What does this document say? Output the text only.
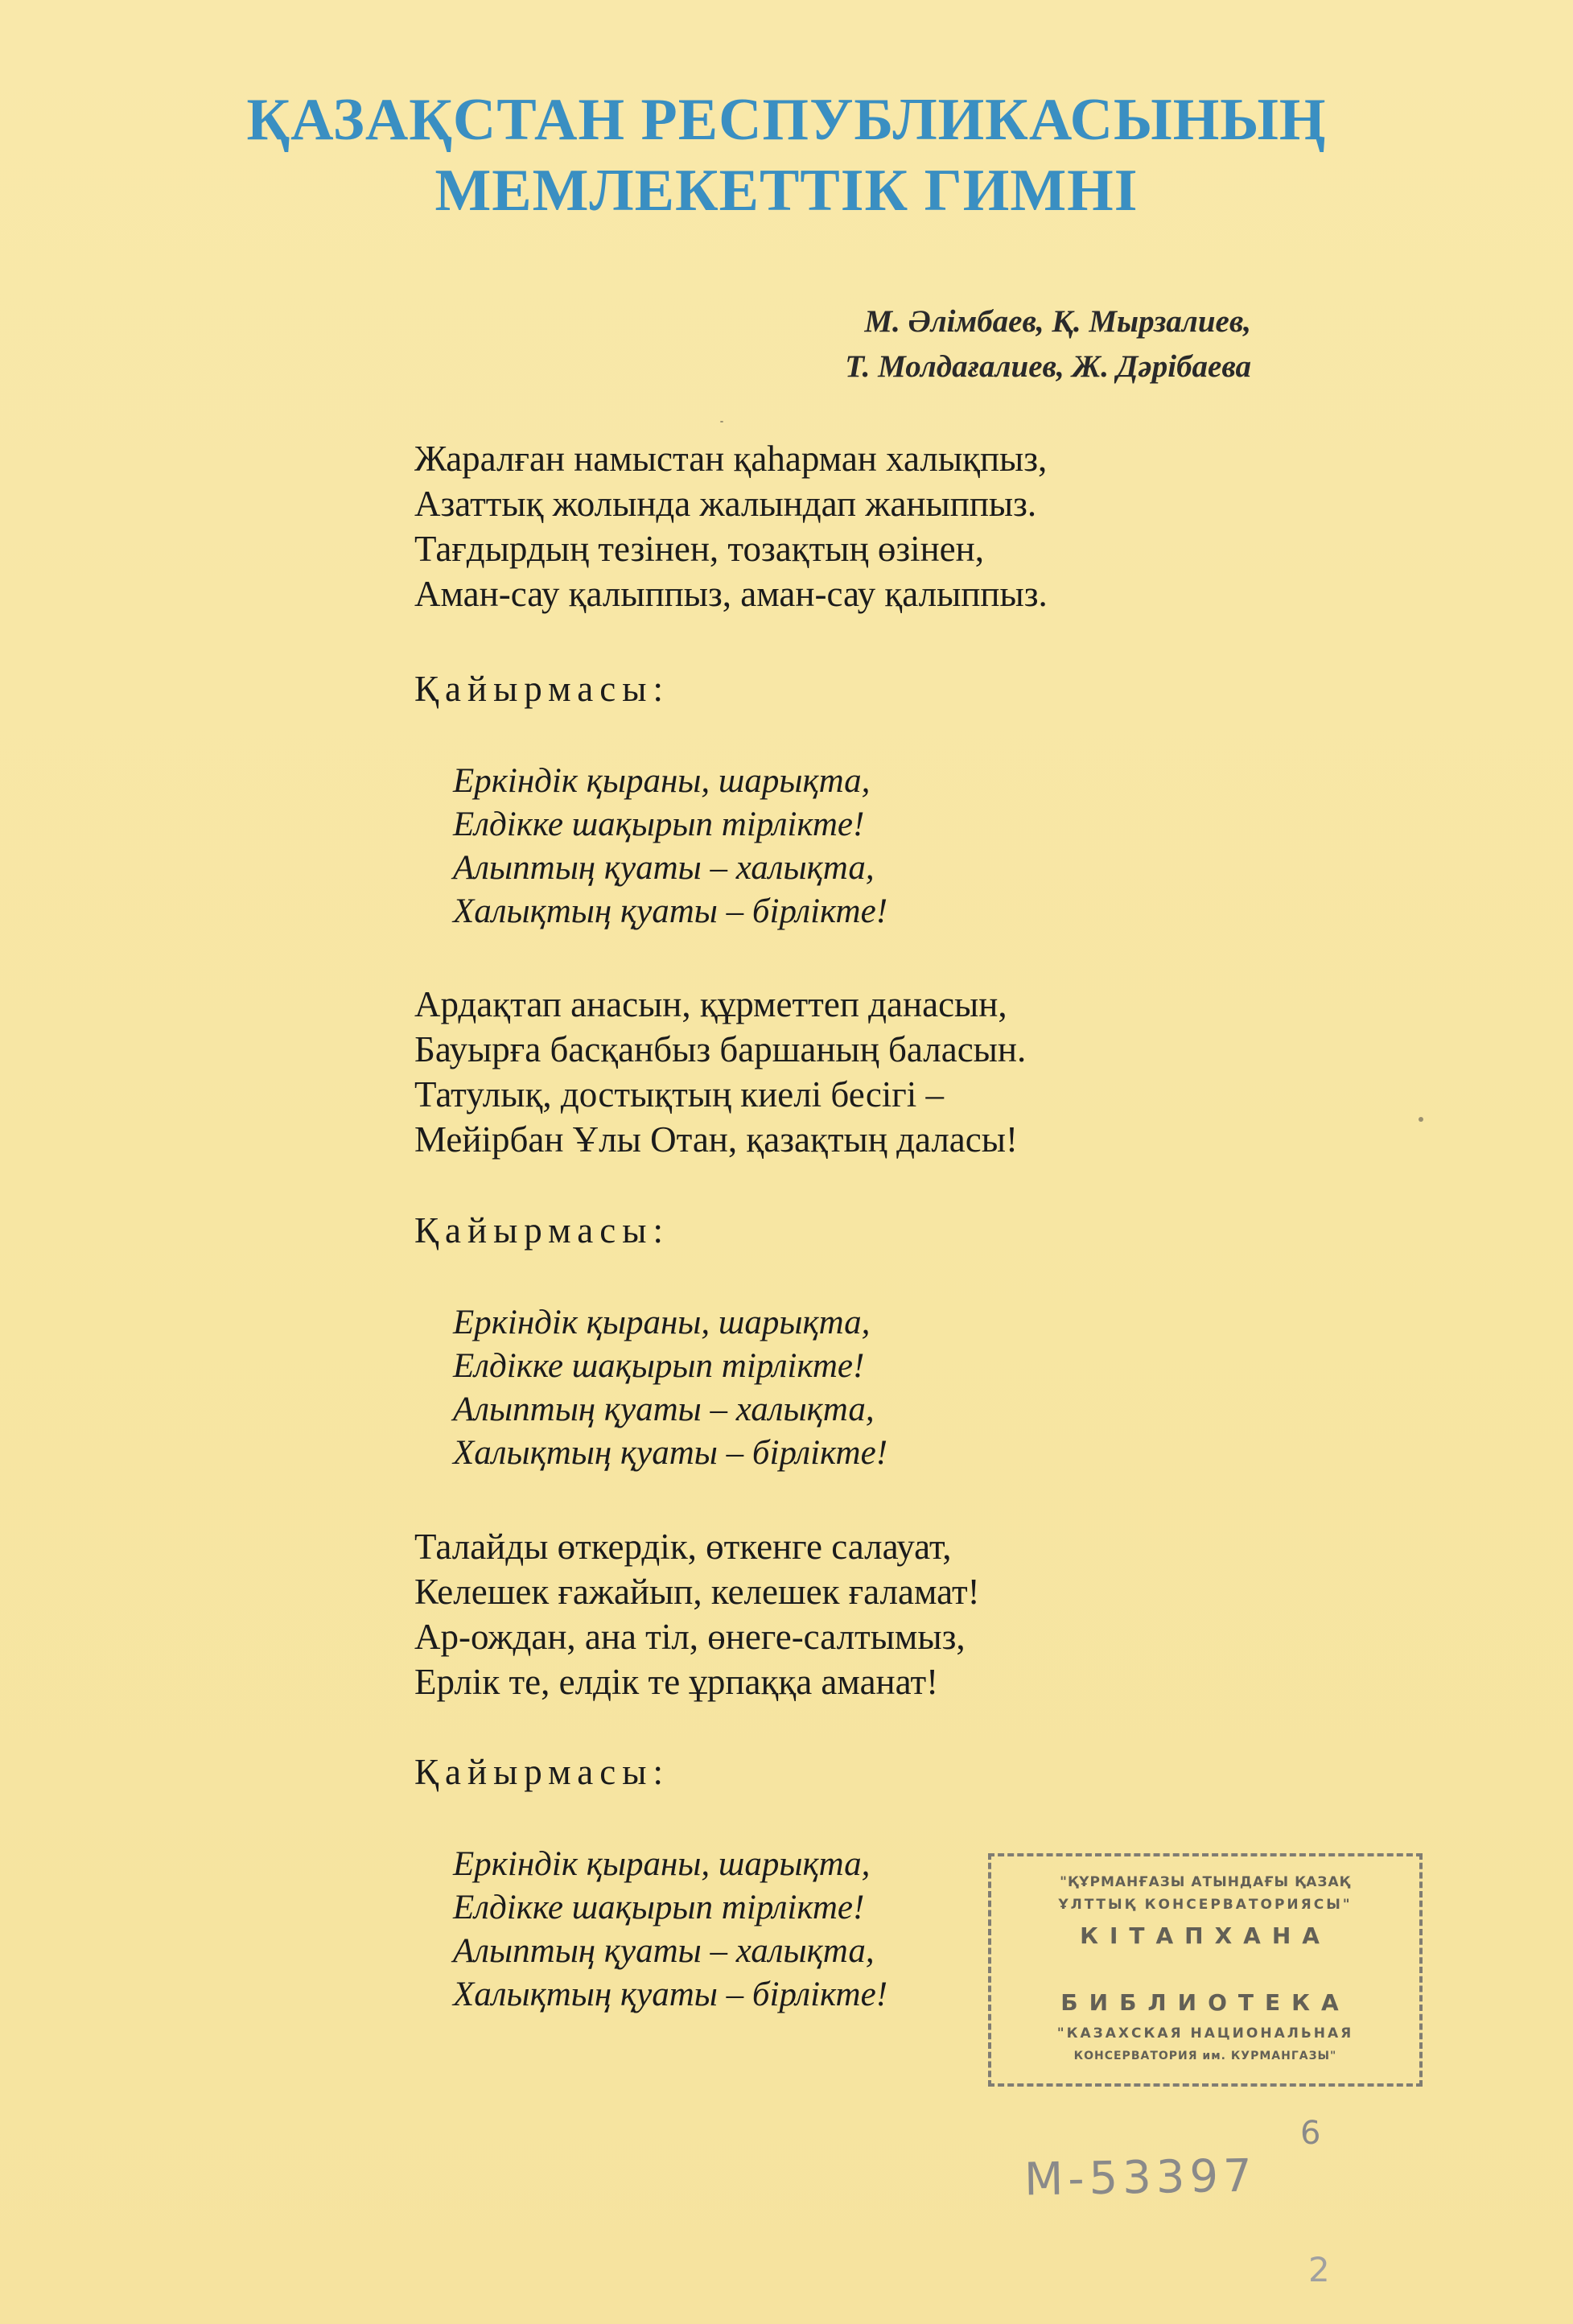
ҚАЗАҚСТАН РЕСПУБЛИКАСЫНЫҢ
МЕМЛЕКЕТТІК ГИМНІ
М. Әлімбаев, Қ. Мырзалиев,
Т. Молдағалиев, Ж. Дәрібаева
Жаралған намыстан қаһарман халықпыз,
Азаттық жолында жалындап жаныппыз.
Тағдырдың тезінен, тозақтың өзінен,
Аман-сау қалыппыз, аман-сау қалыппыз.
Қайырмасы:
Еркіндік қыраны, шарықта,
Елдікке шақырып тірлікте!
Алыптың қуаты – халықта,
Халықтың қуаты – бірлікте!
Ардақтап анасын, құрметтеп данасын,
Бауырға басқанбыз баршаның баласын.
Татулық, достықтың киелі бесігі –
Мейірбан Ұлы Отан, қазақтың даласы!
Қайырмасы:
Еркіндік қыраны, шарықта,
Елдікке шақырып тірлікте!
Алыптың қуаты – халықта,
Халықтың қуаты – бірлікте!
Талайды өткердік, өткенге салауат,
Келешек ғажайып, келешек ғаламат!
Ар-ождан, ана тіл, өнеге-салтымыз,
Ерлік те, елдік те ұрпаққа аманат!
Қайырмасы:
Еркіндік қыраны, шарықта,
Елдікке шақырып тірлікте!
Алыптың қуаты – халықта,
Халықтың қуаты – бірлікте!
"ҚҰРМАНҒАЗЫ АТЫНДАҒЫ ҚАЗАҚ
ҰЛТТЫҚ КОНСЕРВАТОРИЯСЫ"
КІТАПХАНА
БИБЛИОТЕКА
"КАЗАХСКАЯ НАЦИОНАЛЬНАЯ
КОНСЕРВАТОРИЯ им. КУРМАНГАЗЫ"
6
М-53397
2
